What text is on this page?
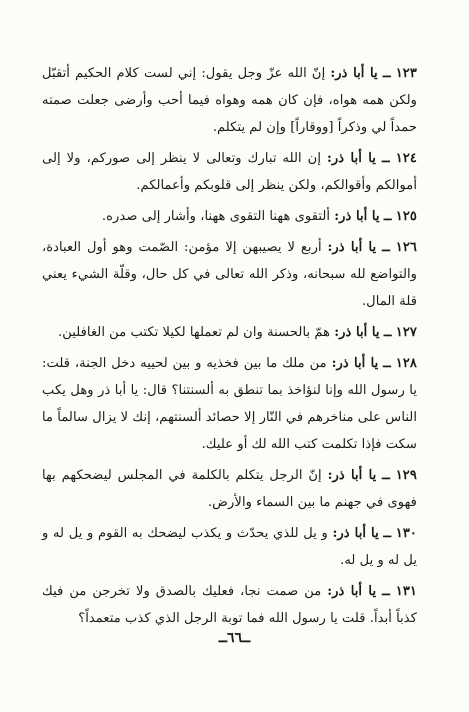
١٢٣ ــ يا أبا ذر: إنّ الله عزّ وجل يقول: إني لست كلام الحكيم أتقبّل ولكن همه هواه، فإن كان همه وهواه فيما أحب وأرضى جعلت صمته حمداً لي وذكراً [ووقاراً] وإن لم يتكلم.

١٢٤ ــ يا أبا ذر: إن الله تبارك وتعالى لا ينظر إلى صوركم، ولا إلى أموالكم وأقوالكم، ولكن ينظر إلى قلوبكم وأعمالكم.

١٢٥ ــ يا أبا ذر: ألتقوى ههنا التقوى ههنا، وأشار إلى صدره.

١٢٦ ــ يا أبا ذر: أربع لا يصيبهن إلا مؤمن: الصّمت وهو أول العبادة، والتواضع لله سبحانه، وذكر الله تعالى في كل حال، وقلّة الشيء يعني قلة المال.

١٢٧ ــ يا أبا ذر: همّ بالحسنة وان لم تعملها لكيلا تكتب من الغافلين.

١٢٨ ــ يا أبا ذر: من ملك ما بين فخذيه و بين لحييه دخل الجنة، قلت: يا رسول الله وإنا لنؤاخذ بما تنطق به ألسنتنا؟ قال: يا أبا ذر وهل يكب الناس على مناخرهم في النّار إلا حصائد ألسنتهم، إنك لا يزال سالماً ما سكت فإذا تكلمت كتب الله لك أو عليك.

١٢٩ ــ يا أبا ذر: إنّ الرجل يتكلم بالكلمة في المجلس ليضحكهم بها فهوى في جهنم ما بين السماء والأرض.

١٣٠ ــ يا أبا ذر: و يل للذي يحدّث و يكذب ليضحك به القوم و يل له و يل له و يل له.

١٣١ ــ يا أبا ذر: من صمت نجا، فعليك بالصدق ولا تخرجن من فيك كذباً أبداً. قلت يا رسول الله فما توبة الرجل الذي كذب متعمداً؟

ــ٦٦ــ
